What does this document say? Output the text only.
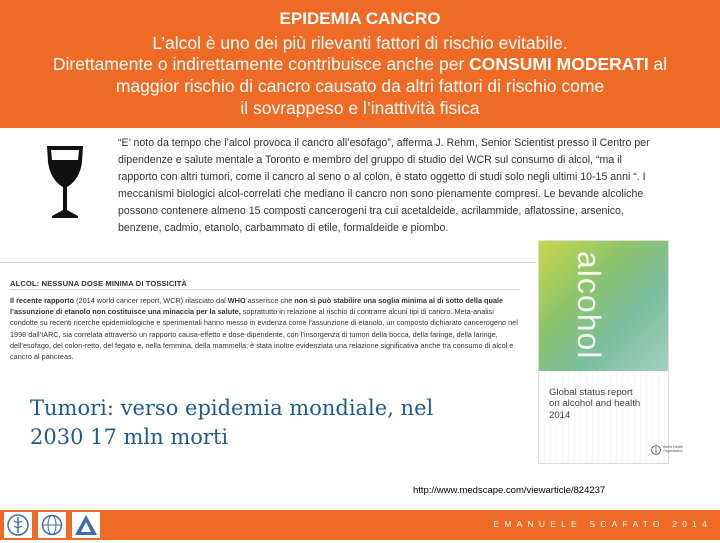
EPIDEMIA CANCRO
L’alcol è uno dei più rilevanti fattori di rischio evitabile.
Direttamente o indirettamente contribuisce anche per CONSUMI MODERATI al
maggior rischio di cancro causato da altri fattori di rischio come
il sovrappeso e l’inattività fisica
“E’ noto da tempo che l’alcol provoca il cancro all’esofago”, afferma J. Rehm, Senior Scientist presso il Centro per dipendenze e salute mentale a Toronto e membro del gruppo di studio del WCR sul consumo di alcol, “ma il rapporto con altri tumori, come il cancro al seno o al colon, è stato oggetto di studi solo negli ultimi 10-15 anni “. I meccanismi biologici alcol-correlati che mediano il cancro non sono pienamente compresi. Le bevande alcoliche possono contenere almeno 15 composti cancerogeni tra cui acetaldeide, acrilammide, aflatossine, arsenico, benzene, cadmio, etanolo, carbammato di etile, formaldeide e piombo.
ALCOL: NESSUNA DOSE MINIMA DI TOSSICITÀ
Il recente rapporto (2014 world cancer report, WCR) rilasciato dal WHO asserisce che non si può stabilire una soglia minima al di sotto della quale l’assunzione di etanolo non costituisce una minaccia per la salute, soprattutto in relazione al rischio di contrarre alcuni tipi di cancro. Meta-analisi condotte su recenti ricerche epidemiologiche e sperimentali hanno messo in evidenza come l’assunzione di etanolo, un composto dichiarato cancerogeno nel 1998 dall’IARC, sia correlata attraverso un rapporto causa-effetto e dose-dipendente, con l’insorgenza di tumori della bocca, della faringe, della laringe, dell’esofago, del colon-retto, del fegato e, nella femmina, della mammella; è stata inoltre evidenziata una relazione significativa anche tra consumo di alcol e cancro al pancreas.
Tumori: verso epidemia mondiale, nel
2030 17 mln morti
alcohol
Global status report
on alcohol and health
2014
World Health
Organization
http://www.medscape.com/viewarticle/824237
EMANUELE SCAFATO 2014
